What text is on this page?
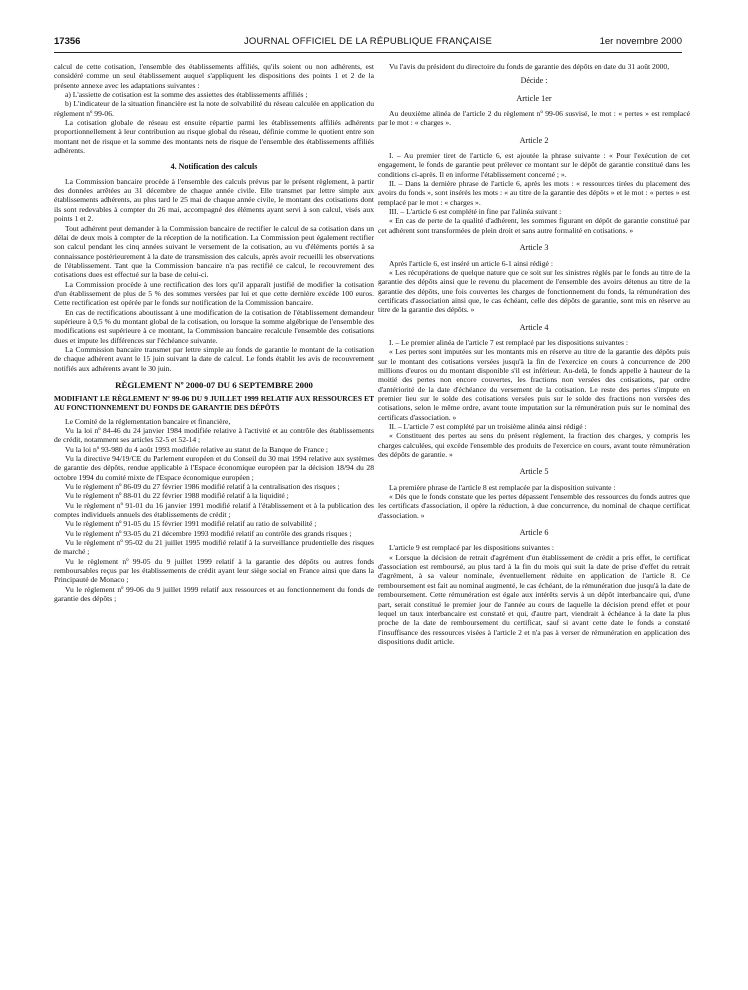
17356	JOURNAL OFFICIEL DE LA RÉPUBLIQUE FRANÇAISE	1er novembre 2000

calcul de cette cotisation, l'ensemble des établissements affiliés, qu'ils soient ou non adhérents, est considéré comme un seul établissement auquel s'appliquent les dispositions des points 1 et 2 de la présente annexe avec les adaptations suivantes :

a) L'assiette de cotisation est la somme des assiettes des établissements affiliés ;

b) L'indicateur de la situation financière est la note de solvabilité du réseau calculée en application du règlement nº 99-06.

La cotisation globale de réseau est ensuite répartie parmi les établissements affiliés adhérents proportionnellement à leur contribution au risque global du réseau, définie comme le quotient entre son montant net de risque et la somme des montants nets de risque de l'ensemble des établissements affiliés adhérents.

4. Notification des calculs

La Commission bancaire procède à l'ensemble des calculs prévus par le présent règlement, à partir des données arrêtées au 31 décembre de chaque année civile. Elle transmet par lettre simple aux établissements adhérents, au plus tard le 25 mai de chaque année civile, le montant des cotisations dont ils sont redevables à compter du 26 mai, accompagné des éléments ayant servi à son calcul, visés aux points 1 et 2.

Tout adhérent peut demander à la Commission bancaire de rectifier le calcul de sa cotisation dans un délai de deux mois à compter de la réception de la notification. La Commission peut également rectifier son calcul pendant les cinq années suivant le versement de la cotisation, au vu d'éléments portés à sa connaissance postérieurement à la date de transmission des calculs, après avoir recueilli les observations de l'établissement. Tant que la Commission bancaire n'a pas rectifié ce calcul, le recouvrement des cotisations dues est effectué sur la base de celui-ci.

La Commission procède à une rectification des lors qu'il apparaît justifié de modifier la cotisation d'un établissement de plus de 5 % des sommes versées par lui et que cette dernière excède 100 euros. Cette rectification est opérée par le fonds sur notification de la Commission bancaire.

En cas de rectifications aboutissant à une modification de la cotisation de l'établissement demandeur supérieure à 0,5 % du montant global de la cotisation, ou lorsque la somme algébrique de l'ensemble des modifications est supérieure à ce montant, la Commission bancaire recalcule l'ensemble des cotisations dues et impute les différences sur l'échéance suivante.

La Commission bancaire transmet par lettre simple au fonds de garantie le montant de la cotisation de chaque adhérent avant le 15 juin suivant la date de calcul. Le fonds établit les avis de recouvrement notifiés aux adhérents avant le 30 juin.

RÈGLEMENT Nº 2000-07 DU 6 SEPTEMBRE 2000
MODIFIANT LE RÈGLEMENT Nº 99-06 DU 9 JUILLET 1999 RELATIF AUX RESSOURCES ET AU FONCTIONNEMENT DU FONDS DE GARANTIE DES DÉPÔTS

Le Comité de la réglementation bancaire et financière,

Vu la loi nº 84-46 du 24 janvier 1984 modifiée relative à l'activité et au contrôle des établissements de crédit, notamment ses articles 52-5 et 52-14 ;

Vu la loi nº 93-980 du 4 août 1993 modifiée relative au statut de la Banque de France ;

Vu la directive 94/19/CE du Parlement européen et du Conseil du 30 mai 1994 relative aux systèmes de garantie des dépôts, rendue applicable à l'Espace économique européen par la décision 18/94 du 28 octobre 1994 du comité mixte de l'Espace économique européen ;

Vu le règlement nº 86-09 du 27 février 1986 modifié relatif à la centralisation des risques ;

Vu le règlement nº 88-01 du 22 février 1988 modifié relatif à la liquidité ;

Vu le règlement nº 91-01 du 16 janvier 1991 modifié relatif à l'établissement et à la publication des comptes individuels annuels des établissements de crédit ;

Vu le règlement nº 91-05 du 15 février 1991 modifié relatif au ratio de solvabilité ;

Vu le règlement nº 93-05 du 21 décembre 1993 modifié relatif au contrôle des grands risques ;

Vu le règlement nº 95-02 du 21 juillet 1995 modifié relatif à la surveillance prudentielle des risques de marché ;

Vu le règlement nº 99-05 du 9 juillet 1999 relatif à la garantie des dépôts ou autres fonds remboursables reçus par les établissements de crédit ayant leur siège social en France ainsi que dans la Principauté de Monaco ;

Vu le règlement nº 99-06 du 9 juillet 1999 relatif aux ressources et au fonctionnement du fonds de garantie des dépôts ;

Vu l'avis du président du directoire du fonds de garantie des dépôts en date du 31 août 2000,

Décide :
Article 1er

Au deuxième alinéa de l'article 2 du règlement nº 99-06 susvisé, le mot : « pertes » est remplacé par le mot : « charges ».

Article 2

I. – Au premier tiret de l'article 6, est ajoutée la phrase suivante : « Pour l'exécution de cet engagement, le fonds de garantie peut prélever ce montant sur le dépôt de garantie constitué dans les conditions ci-après. Il en informe l'établissement concerné ; ».

II. – Dans la dernière phrase de l'article 6, après les mots : « ressources tirées du placement des avoirs du fonds », sont insérés les mots : « au titre de la garantie des dépôts » et le mot : « pertes » est remplacé par le mot : « charges ».

III. – L'article 6 est complété in fine par l'alinéa suivant :

« En cas de perte de la qualité d'adhérent, les sommes figurant en dépôt de garantie constitué par cet adhérent sont transformées de plein droit et sans autre formalité en cotisations. »

Article 3

Après l'article 6, est inséré un article 6-1 ainsi rédigé :

« Les récupérations de quelque nature que ce soit sur les sinistres réglés par le fonds au titre de la garantie des dépôts ainsi que le revenu du placement de l'ensemble des avoirs détenus au titre de la garantie des dépôts, une fois couvertes les charges de fonctionnement du fonds, la rémunération des certificats d'association ainsi que, le cas échéant, celle des dépôts de garantie, sont mis en réserve au titre de la garantie des dépôts. »

Article 4

I. – Le premier alinéa de l'article 7 est remplacé par les dispositions suivantes :

« Les pertes sont imputées sur les montants mis en réserve au titre de la garantie des dépôts puis sur le montant des cotisations versées jusqu'à la fin de l'exercice en cours à concurrence de 200 millions d'euros ou du montant disponible s'il est inférieur. Au-delà, le fonds appelle à hauteur de la moitié des pertes non encore couvertes, les fractions non versées des cotisations, par ordre d'antériorité de la date d'échéance du versement de la cotisation. Le reste des pertes s'impute en premier lieu sur le solde des cotisations versées puis sur le solde des fractions non versées des cotisations, selon le même ordre, avant toute imputation sur la rémunération puis sur le nominal des certificats d'association. »

II. – L'article 7 est complété par un troisième alinéa ainsi rédigé :

« Constituent des pertes au sens du présent règlement, la fraction des charges, y compris les charges calculées, qui excède l'ensemble des produits de l'exercice en cours, avant toute rémunération des dépôts de garantie. »

Article 5

La première phrase de l'article 8 est remplacée par la disposition suivante :

« Dès que le fonds constate que les pertes dépassent l'ensemble des ressources du fonds autres que les certificats d'association, il opère la réduction, à due concurrence, du nominal de chaque certificat d'association. »

Article 6

L'article 9 est remplacé par les dispositions suivantes :

« Lorsque la décision de retrait d'agrément d'un établissement de crédit a pris effet, le certificat d'association est remboursé, au plus tard à la fin du mois qui suit la date de prise d'effet du retrait d'agrément, à sa valeur nominale, éventuellement réduite en application de l'article 8. Ce remboursement est fait au nominal augmenté, le cas échéant, de la rémunération due jusqu'à la date de remboursement. Cette rémunération est égale aux intérêts servis à un dépôt interbancaire qui, d'une part, serait constitué le premier jour de l'année au cours de laquelle la décision prend effet et pour lequel un taux interbancaire est constaté et qui, d'autre part, viendrait à échéance à la date la plus proche de la date de remboursement du certificat, sauf si avant cette date le fonds a constaté l'insuffisance des ressources visées à l'article 2 et n'a pas à verser de rémunération en application des dispositions dudit article.
